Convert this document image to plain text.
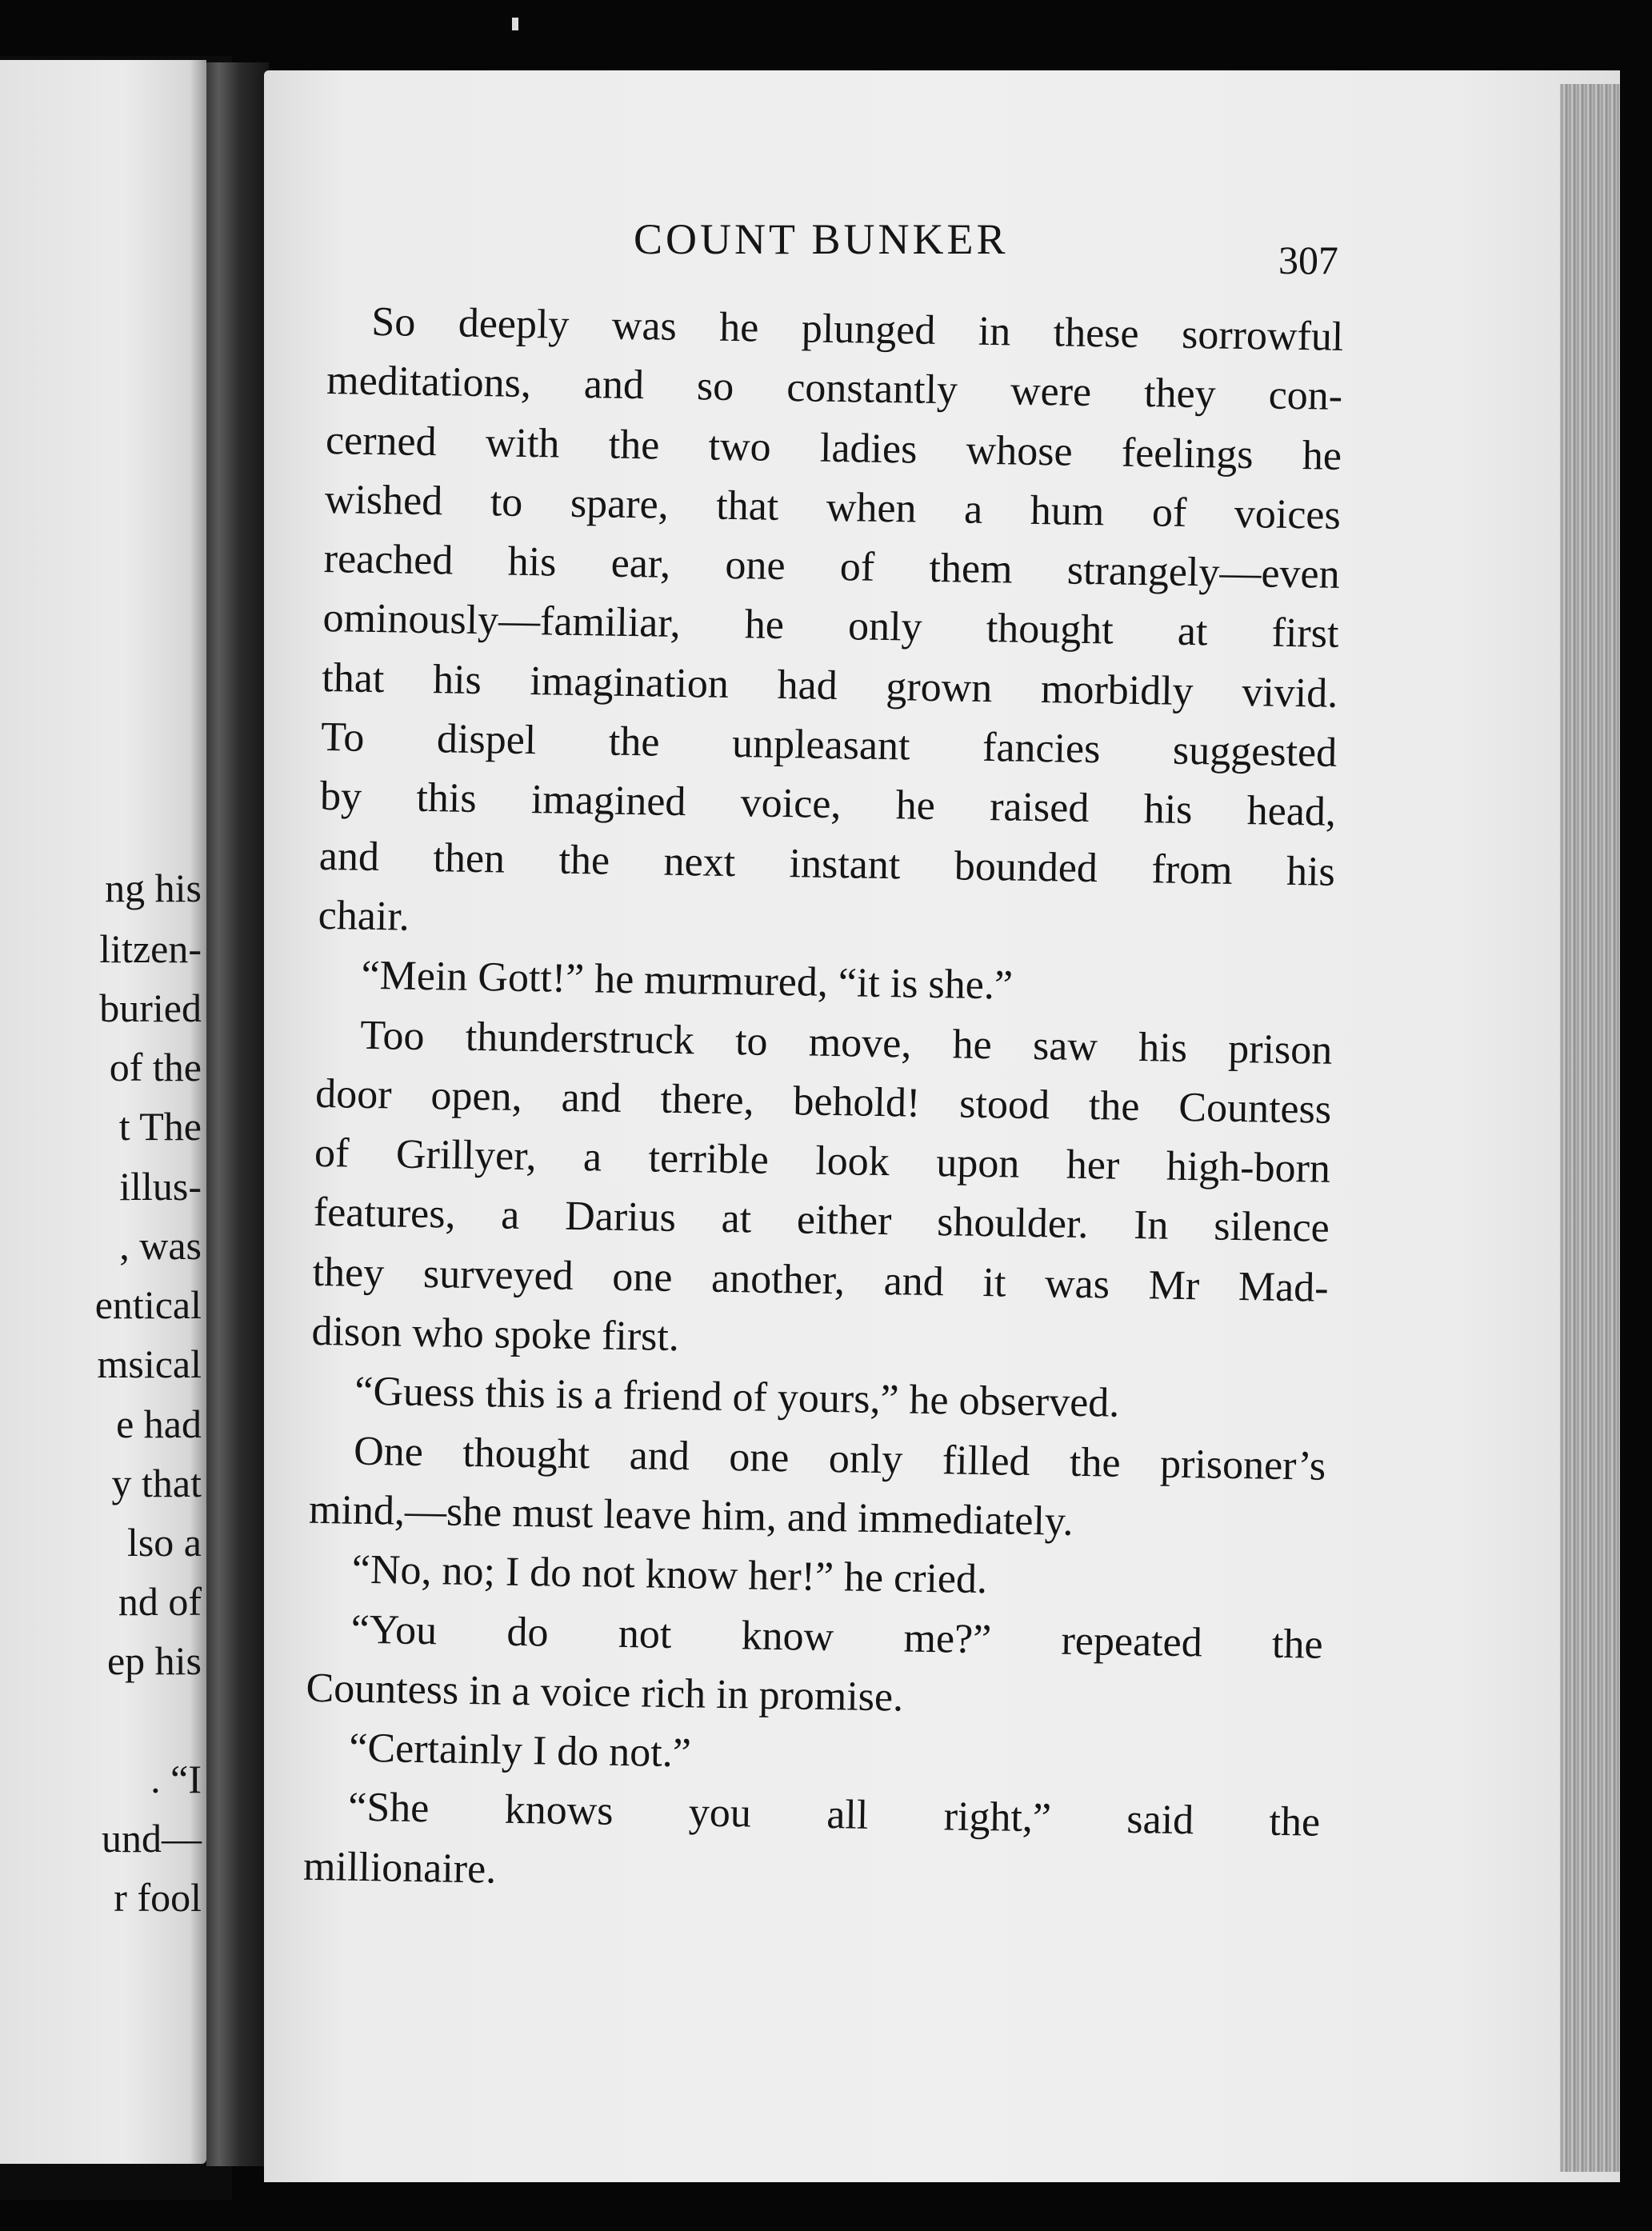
ng his
litzen-
buried
of the
t The
illus-
, was
entical
msical
e had
y that
lso a
nd of
ep his
. “I
und—
r fool
COUNT BUNKER	307
So deeply was he plunged in these sorrowful
meditations, and so constantly were they con-
cerned with the two ladies whose feelings he
wished to spare, that when a hum of voices
reached his ear, one of them strangely—even
ominously—familiar, he only thought at first
that his imagination had grown morbidly vivid.
To dispel the unpleasant fancies suggested
by this imagined voice, he raised his head,
and then the next instant bounded from his
chair.
“Mein Gott!” he murmured, “it is she.”
Too thunderstruck to move, he saw his prison
door open, and there, behold! stood the Countess
of Grillyer, a terrible look upon her high-born
features, a Darius at either shoulder. In silence
they surveyed one another, and it was Mr Mad-
dison who spoke first.
“Guess this is a friend of yours,” he observed.
One thought and one only filled the prisoner’s
mind,—she must leave him, and immediately.
“No, no; I do not know her!” he cried.
“You do not know me?” repeated the
Countess in a voice rich in promise.
“Certainly I do not.”
“She knows you all right,” said the
millionaire.
